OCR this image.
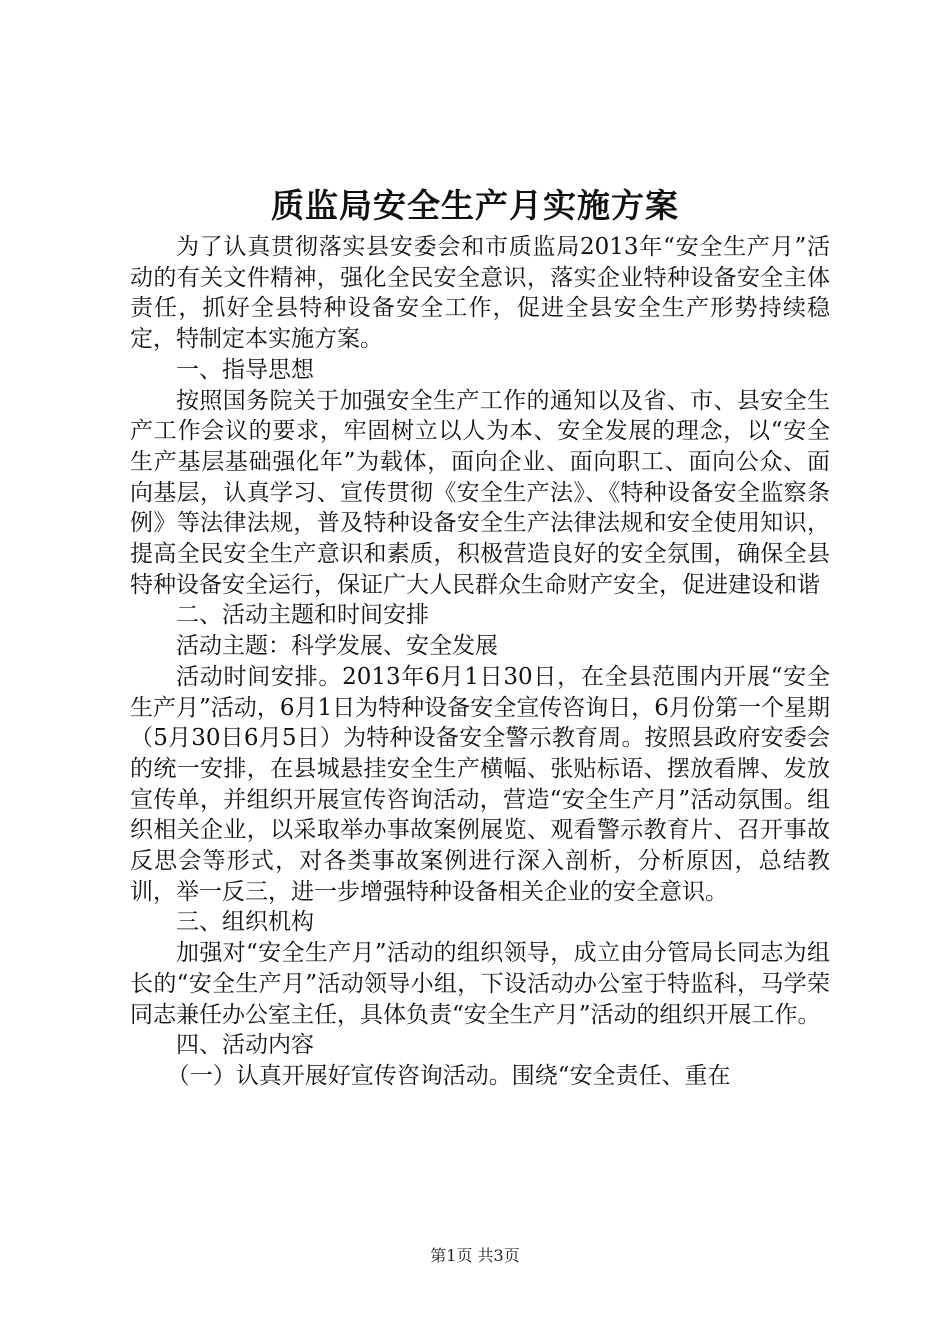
质监局安全生产月实施方案

为了认真贯彻落实县安委会和市质监局2013年“安全生产月”活动的有关文件精神，强化全民安全意识，落实企业特种设备安全主体责任，抓好全县特种设备安全工作，促进全县安全生产形势持续稳定，特制定本实施方案。

一、指导思想

按照国务院关于加强安全生产工作的通知以及省、市、县安全生产工作会议的要求，牢固树立以人为本、安全发展的理念，以“安全生产基层基础强化年”为载体，面向企业、面向职工、面向公众、面向基层，认真学习、宣传贯彻《安全生产法》、《特种设备安全监察条例》等法律法规，普及特种设备安全生产法律法规和安全使用知识，提高全民安全生产意识和素质，积极营造良好的安全氛围，确保全县特种设备安全运行，保证广大人民群众生命财产安全，促进建设和谐

二、活动主题和时间安排

活动主题：科学发展、安全发展

活动时间安排。2013年6月1日30日，在全县范围内开展“安全生产月”活动，6月1日为特种设备安全宣传咨询日，6月份第一个星期（5月30日6月5日）为特种设备安全警示教育周。按照县政府安委会的统一安排，在县城悬挂安全生产横幅、张贴标语、摆放看牌、发放宣传单，并组织开展宣传咨询活动，营造“安全生产月”活动氛围。组织相关企业，以采取举办事故案例展览、观看警示教育片、召开事故反思会等形式，对各类事故案例进行深入剖析，分析原因，总结教训，举一反三，进一步增强特种设备相关企业的安全意识。

三、组织机构

加强对“安全生产月”活动的组织领导，成立由分管局长同志为组长的“安全生产月”活动领导小组，下设活动办公室于特监科，马学荣同志兼任办公室主任，具体负责“安全生产月”活动的组织开展工作。

四、活动内容

（一）认真开展好宣传咨询活动。围绕“安全责任、重在

第1页 共3页
